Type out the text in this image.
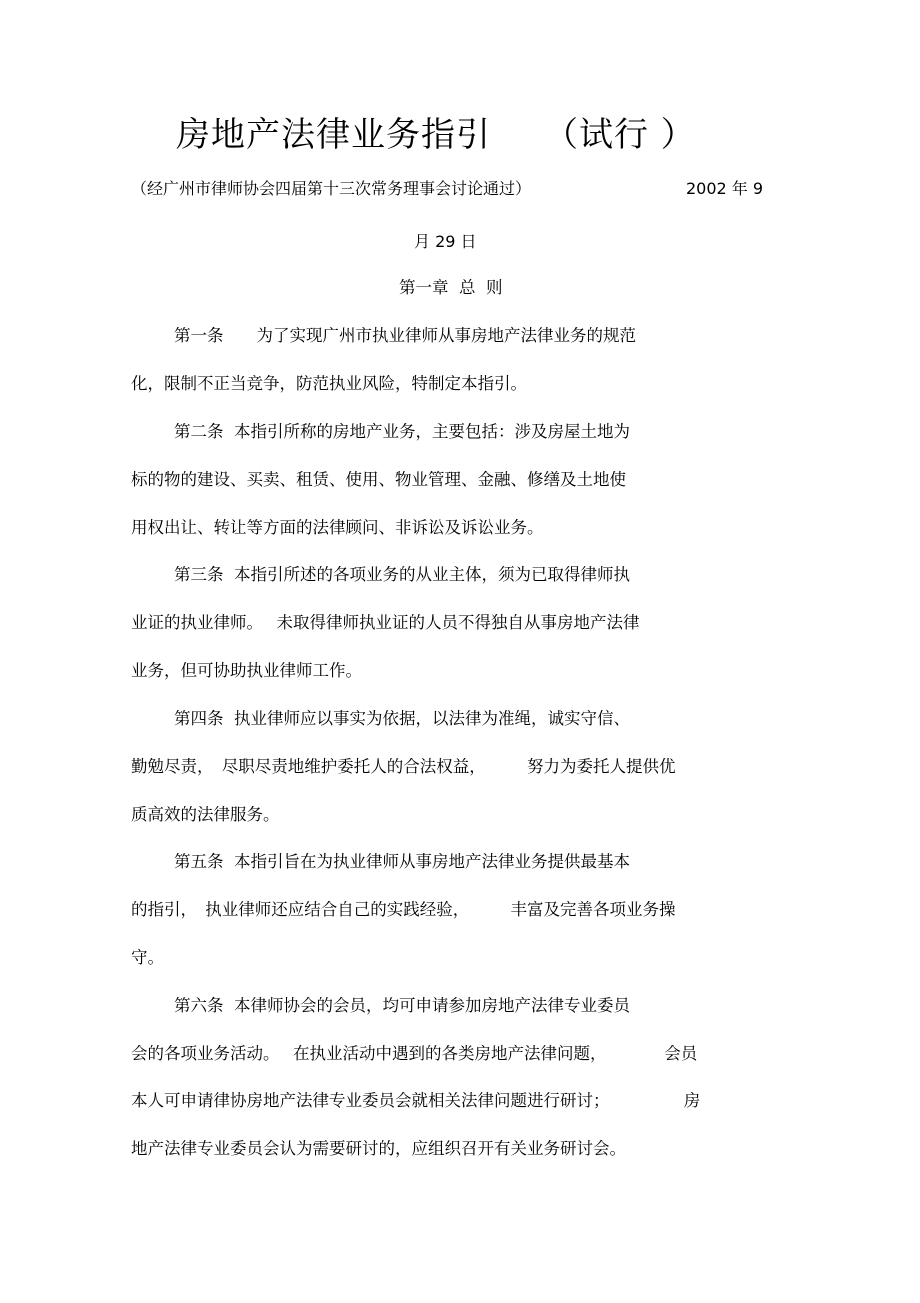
房地产法律业务指引　　（试行 ）
（经广州市律师协会四届第十三次常务理事会讨论通过）	2002 年 9
月 29 日
第一章  总  则
第一条　　为了实现广州市执业律师从事房地产法律业务的规范
化，限制不正当竞争，防范执业风险，特制定本指引。
第二条  本指引所称的房地产业务，主要包括：涉及房屋土地为
标的物的建设、买卖、租赁、使用、物业管理、金融、修缮及土地使
用权出让、转让等方面的法律顾问、非诉讼及诉讼业务。
第三条  本指引所述的各项业务的从业主体，须为已取得律师执
业证的执业律师。　 未取得律师执业证的人员不得独自从事房地产法律
业务，但可协助执业律师工作。
第四条  执业律师应以事实为依据，以法律为准绳，诚实守信、
勤勉尽责，　尽职尽责地维护委托人的合法权益，　　　努力为委托人提供优
质高效的法律服务。
第五条  本指引旨在为执业律师从事房地产法律业务提供最基本
的指引，　执业律师还应结合自己的实践经验，　　　丰富及完善各项业务操
守。
第六条  本律师协会的会员，均可申请参加房地产法律专业委员
会的各项业务活动。　 在执业活动中遇到的各类房地产法律问题，　　　　会员
本人可申请律协房地产法律专业委员会就相关法律问题进行研讨；　　　　　房
地产法律专业委员会认为需要研讨的，应组织召开有关业务研讨会。
